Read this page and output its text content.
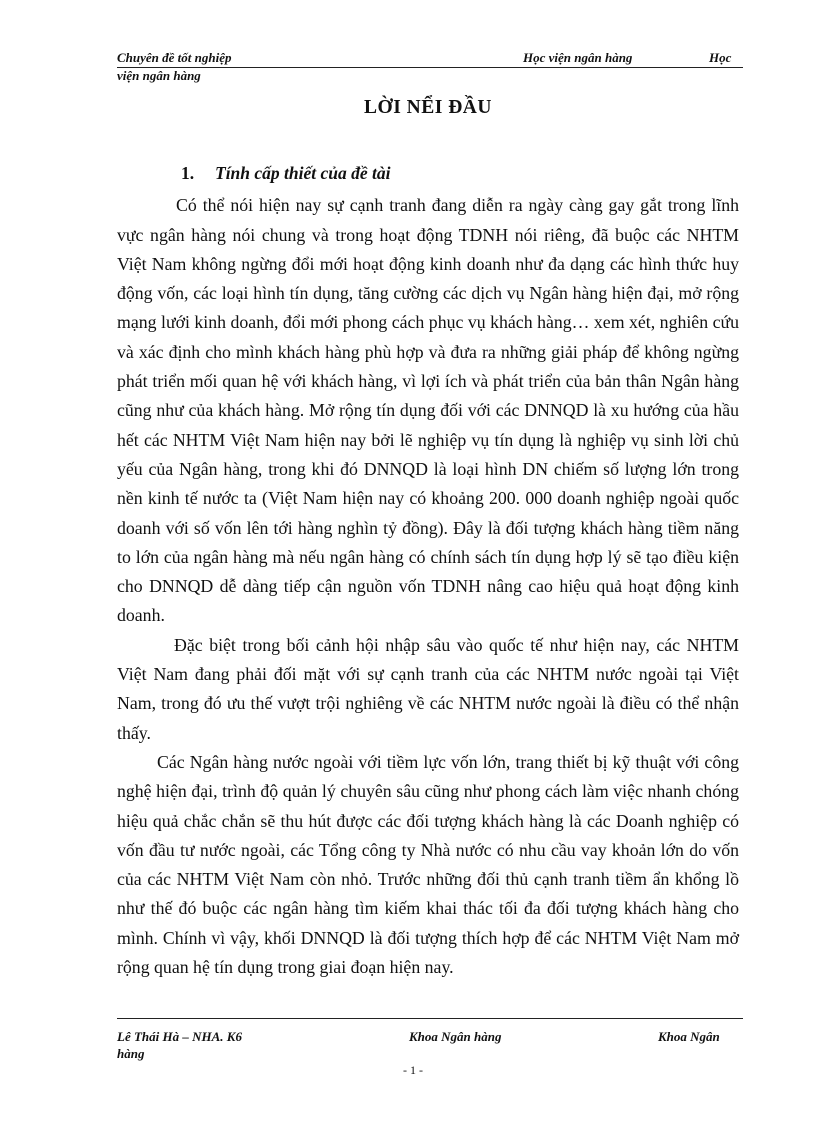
Chuyên đề tốt nghiệp	Học viện ngân hàng	Học
viện ngân hàng
LỜI NỂI ĐẦU
1. Tính cấp thiết của đề tài

Có thể nói hiện nay sự cạnh tranh đang diễn ra ngày càng gay gắt trong lĩnh vực ngân hàng nói chung và trong hoạt động TDNH nói riêng, đã buộc các NHTM Việt Nam không ngừng đổi mới hoạt động kinh doanh như đa dạng các hình thức huy động vốn, các loại hình tín dụng, tăng cường các dịch vụ Ngân hàng hiện đại, mở rộng mạng lưới kinh doanh, đổi mới phong cách phục vụ khách hàng… xem xét, nghiên cứu và xác định cho mình khách hàng phù hợp và đưa ra những giải pháp để không ngừng phát triển mối quan hệ với khách hàng, vì lợi ích và phát triển của bản thân Ngân hàng cũng như của khách hàng. Mở rộng tín dụng đối với các DNNQD là xu hướng của hầu hết các NHTM Việt Nam hiện nay bởi lẽ nghiệp vụ tín dụng là nghiệp vụ sinh lời chủ yếu của Ngân hàng, trong khi đó DNNQD là loại hình DN chiếm số lượng lớn trong nền kinh tế nước ta (Việt Nam hiện nay có khoảng 200. 000 doanh nghiệp ngoài quốc doanh với số vốn lên tới hàng nghìn tỷ đồng). Đây là đối tượng khách hàng tiềm năng to lớn của ngân hàng mà nếu ngân hàng có chính sách tín dụng hợp lý sẽ tạo điều kiện cho DNNQD dễ dàng tiếp cận nguồn vốn TDNH nâng cao hiệu quả hoạt động kinh doanh.

Đặc biệt trong bối cảnh hội nhập sâu vào quốc tế như hiện nay, các NHTM Việt Nam đang phải đối mặt với sự cạnh tranh của các NHTM nước ngoài tại Việt Nam, trong đó ưu thế vượt trội nghiêng về các NHTM nước ngoài là điều có thể nhận thấy.

Các Ngân hàng nước ngoài với tiềm lực vốn lớn, trang thiết bị kỹ thuật với công nghệ hiện đại, trình độ quản lý chuyên sâu cũng như phong cách làm việc nhanh chóng hiệu quả chắc chắn sẽ thu hút được các đối tượng khách hàng là các Doanh nghiệp có vốn đầu tư nước ngoài, các Tổng công ty Nhà nước có nhu cầu vay khoản lớn do vốn của các NHTM Việt Nam còn nhỏ. Trước những đối thủ cạnh tranh tiềm ẩn khổng lồ như thế đó buộc các ngân hàng tìm kiếm khai thác tối đa đối tượng khách hàng cho mình. Chính vì vậy, khối DNNQD là đối tượng thích hợp để các NHTM Việt Nam mở rộng quan hệ tín dụng trong giai đoạn hiện nay.

Lê Thái Hà – NHA. K6	Khoa Ngân hàng	Khoa Ngân
hàng
- 1 -
